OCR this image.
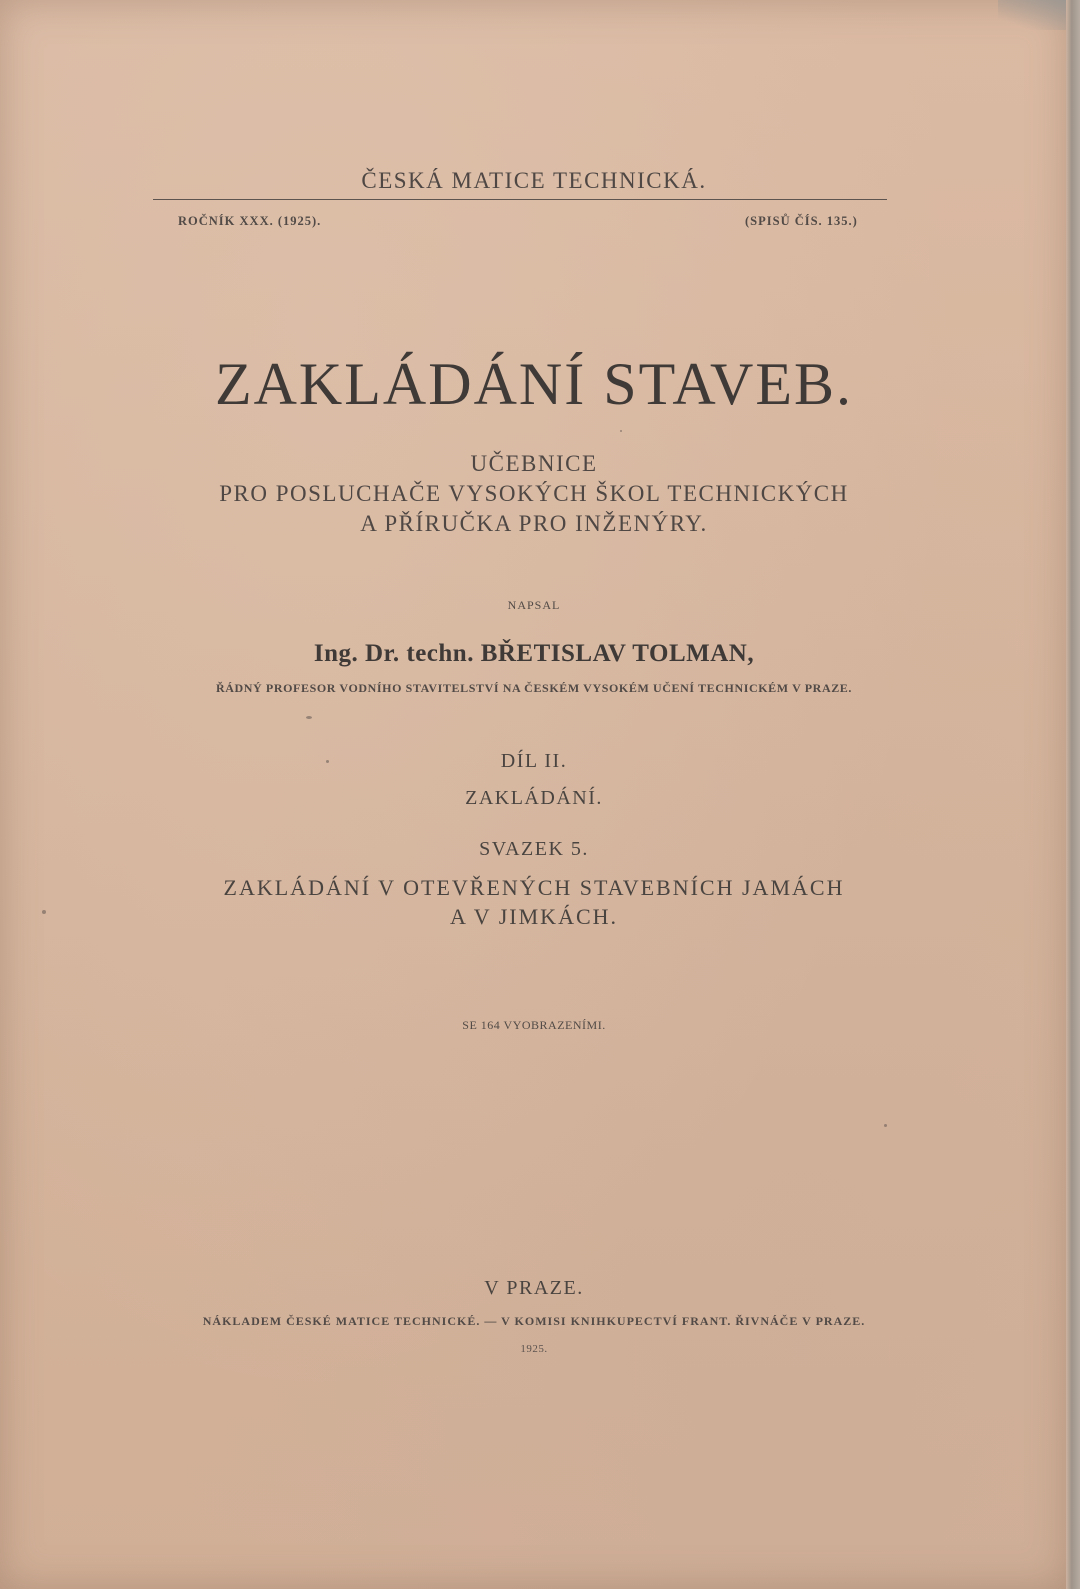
ČESKÁ MATICE TECHNICKÁ.
ROČNÍK XXX. (1925).	(SPISŮ ČÍS. 135.)
ZAKLÁDÁNÍ STAVEB.
UČEBNICE
PRO POSLUCHAČE VYSOKÝCH ŠKOL TECHNICKÝCH
A PŘÍRUČKA PRO INŽENÝRY.
NAPSAL
Ing. Dr. techn. BŘETISLAV TOLMAN,
ŘÁDNÝ PROFESOR VODNÍHO STAVITELSTVÍ NA ČESKÉM VYSOKÉM UČENÍ TECHNICKÉM V PRAZE.
DÍL II.
ZAKLÁDÁNÍ.
SVAZEK 5.
ZAKLÁDÁNÍ V OTEVŘENÝCH STAVEBNÍCH JAMÁCH
A V JIMKÁCH.
SE 164 VYOBRAZENÍMI.
V PRAZE.
NÁKLADEM ČESKÉ MATICE TECHNICKÉ. — V KOMISI KNIHKUPECTVÍ FRANT. ŘIVNÁČE V PRAZE.
1925.
